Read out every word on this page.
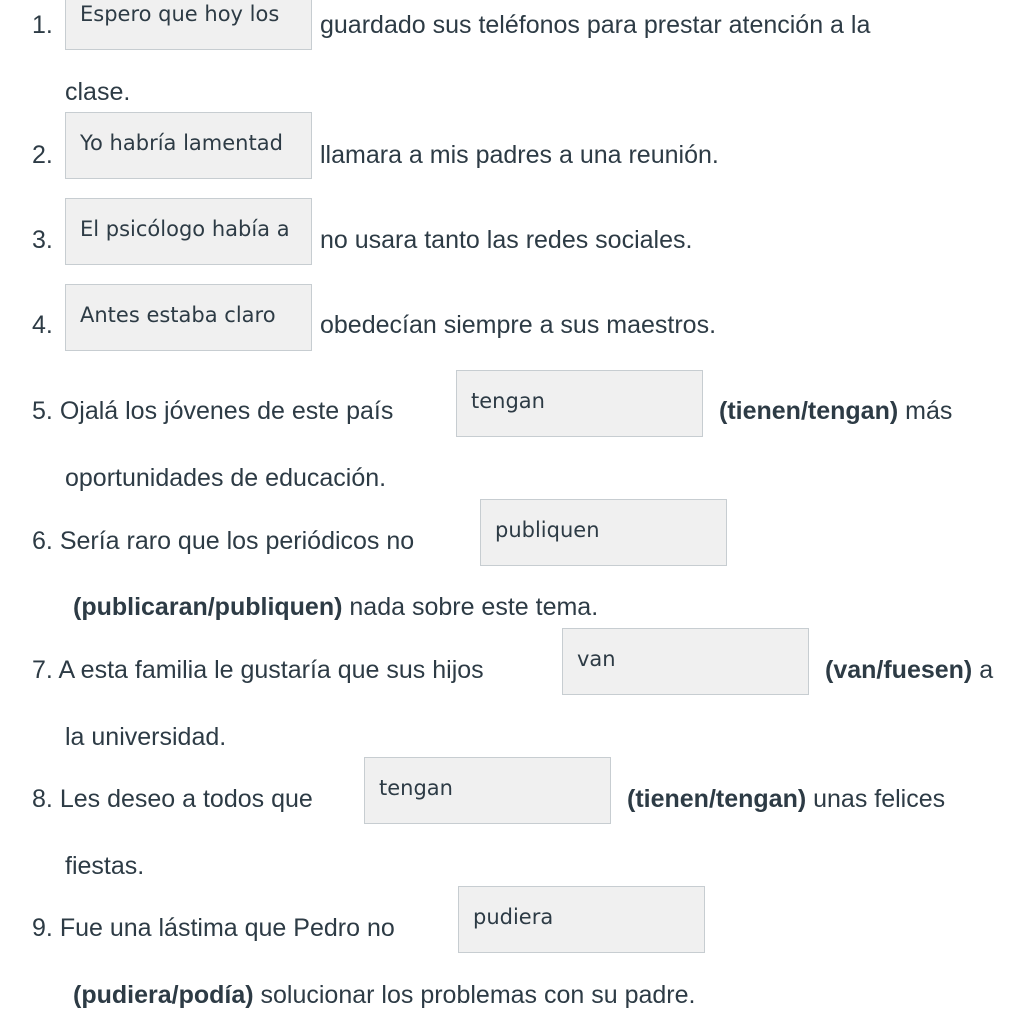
1.
Espero que hoy los	guardado sus teléfonos para prestar atención a la
clase.
2.
Yo habría lamentad	llamara a mis padres a una reunión.
3.
El psicólogo había a	no usara tanto las redes sociales.
4.
Antes estaba claro	obedecían siempre a sus maestros.
5. Ojalá los jóvenes de este país
tengan	(tienen/tengan) más
oportunidades de educación.
6. Sería raro que los periódicos no
publiquen
(publicaran/publiquen) nada sobre este tema.
7. A esta familia le gustaría que sus hijos
van	(van/fuesen) a
la universidad.
8. Les deseo a todos que
tengan	(tienen/tengan) unas felices
fiestas.
9. Fue una lástima que Pedro no
pudiera
(pudiera/podía) solucionar los problemas con su padre.
